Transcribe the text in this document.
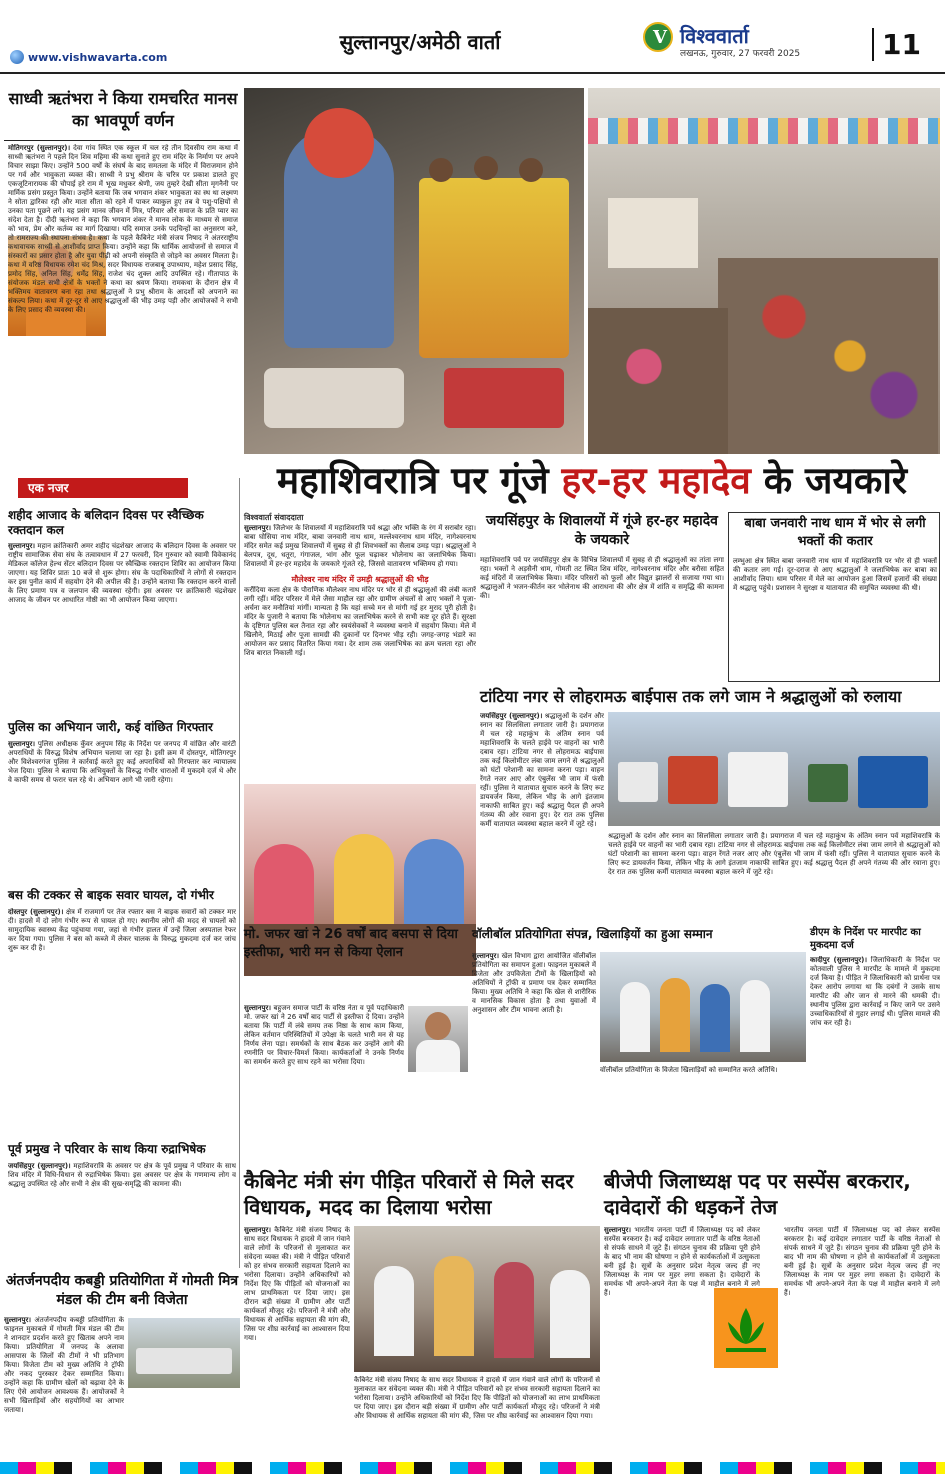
www.vishwavarta.com
सुल्तानपुर/अमेठी वार्ता	V विश्ववार्ता
लखनऊ, गुरुवार, 27 फरवरी 2025	11
साध्वी ऋतंभरा ने किया रामचरित मानस का भावपूर्ण वर्णन
मोतिगरपुर (सुल्तानपुर)। देवा गांव स्थित एक स्कूल में चल रहे तीन दिवसीय राम कथा में साध्वी ऋतंभरा ने पहले दिन शिव महिमा की कथा सुनाते हुए राम मंदिर के निर्माण पर अपने विचार साझा किए। उन्होंने 500 वर्षों के संघर्ष के बाद समतला के मंदिर में विराजमान होने पर गर्व और भावुकता व्यक्त की। साध्वी ने प्रभु श्रीराम के चरित्र पर प्रकाश डालते हुए एकजूटिनारायक की चौपाई हरे राम में भूख मधुकर श्रेणी, जय तुम्हरे देखी सीता मृगनैनी पर मार्मिक प्रसंग प्रस्तुत किया। उन्होंने बताया कि जब भगवान शंकर भावुकता का स्थ था लक्ष्मण ने सोता द्वारिका रही और माता सीता को रहने में पाकर व्याकुल हुए तब वे पशु-पक्षियों से उनका पता पूछने लगे। यह प्रसंग मानव जीवन में मित्र, परिवार और समाज के प्रति प्यार का संदेश देता है। दीदी ऋतंभरा ने कहा कि भगवान शंकर ने मानव लोक के माध्यम से समाज को भाव, प्रेम और कर्तव्य का मार्ग दिखाया। यदि समाज उनके पदचिन्हों का अनुसरण करे, तो रामराज्य की स्थापना संभव है। कथा के पहले कैबिनेट मंत्री संजय निषाद ने अंतरराष्ट्रीय कथावाचक साध्वी से आशीर्वाद प्राप्त किया। उन्होंने कहा कि धार्मिक आयोजनों से समाज में संस्कारों का प्रसार होता है और युवा पीढ़ी को अपनी संस्कृति से जोड़ने का अवसर मिलता है। कथा में वरिष्ठ विधायक रमेश चंद मिश्र, सदर विधायक राजबाबू उपाध्याय, महेश प्रसाद सिंह, प्रमोद सिंह, अनिल सिंह, धर्मेंद्र सिंह, राजेश चंद शुक्ल आदि उपस्थित रहे। गीतापाठ के संयोजक मंडल सभी क्षेत्रों के भक्तों ने कथा का श्रवण किया। रामकथा के दौरान क्षेत्र में भक्तिमय वातावरण बना रहा तथा श्रद्धालुओं ने प्रभु श्रीराम के आदर्शों को अपनाने का संकल्प लिया। कथा में दूर-दूर से आए श्रद्धालुओं की भीड़ उमड़ पड़ी और आयोजकों ने सभी के लिए प्रसाद की व्यवस्था की।
महाशिवरात्रि पर गूंजे हर-हर महादेव के जयकारे
एक नजर
शहीद आजाद के बलिदान दिवस पर स्वैच्छिक रक्तदान कल
सुल्तानपुर। महान क्रांतिकारी अमर शहीद चंद्रशेखर आजाद के बलिदान दिवस के अवसर पर राष्ट्रीय सामाजिक सेवा संघ के तत्वावधान में 27 फरवरी, दिन गुरुवार को स्वामी विवेकानंद मेडिकल कॉलेज हेल्थ सेंटर बलिदान दिवस पर स्वैच्छिक रक्तदान शिविर का आयोजन किया जाएगा। यह शिविर प्रातः 10 बजे से शुरू होगा। संघ के पदाधिकारियों ने लोगों से रक्तदान कर इस पुनीत कार्य में सहयोग देने की अपील की है। उन्होंने बताया कि रक्तदान करने वालों के लिए प्रमाण पत्र व जलपान की व्यवस्था रहेगी। इस अवसर पर क्रांतिकारी चंद्रशेखर आजाद के जीवन पर आधारित गोष्ठी का भी आयोजन किया जाएगा।
पुलिस का अभियान जारी, कई वांछित गिरफ्तार
सुल्तानपुर। पुलिस अधीक्षक कुँवर अनुपम सिंह के निर्देश पर जनपद में वांछित और वारंटी अपराधियों के विरुद्ध विशेष अभियान चलाया जा रहा है। इसी क्रम में दोस्तपुर, मोतिगरपुर और विशेश्वरगंज पुलिस ने कार्रवाई करते हुए कई अपराधियों को गिरफ्तार कर न्यायालय भेज दिया। पुलिस ने बताया कि अभियुक्तों के विरुद्ध गंभीर धाराओं में मुकदमे दर्ज थे और वे काफी समय से फरार चल रहे थे। अभियान आगे भी जारी रहेगा।
बस की टक्कर से बाइक सवार घायल, दो गंभीर
दोस्तपुर (सुल्तानपुर)। क्षेत्र में राजमार्ग पर तेज रफ्तार बस ने बाइक सवारों को टक्कर मार दी। हादसे में दो लोग गंभीर रूप से घायल हो गए। स्थानीय लोगों की मदद से घायलों को सामुदायिक स्वास्थ्य केंद्र पहुंचाया गया, जहां से गंभीर हालत में उन्हें जिला अस्पताल रेफर कर दिया गया। पुलिस ने बस को कब्जे में लेकर चालक के विरुद्ध मुकदमा दर्ज कर जांच शुरू कर दी है।
पूर्व प्रमुख ने परिवार के साथ किया रुद्राभिषेक
जयसिंहपुर (सुल्तानपुर)। महाशिवरात्रि के अवसर पर क्षेत्र के पूर्व प्रमुख ने परिवार के साथ शिव मंदिर में विधि-विधान से रुद्राभिषेक किया। इस अवसर पर क्षेत्र के गणमान्य लोग व श्रद्धालु उपस्थित रहे और सभी ने क्षेत्र की सुख-समृद्धि की कामना की।
विश्ववार्ता संवाददाता
सुल्तानपुर। जिलेभर के शिवालयों में महाशिवरात्रि पर्व श्रद्धा और भक्ति के रंग में सराबोर रहा। बाबा घोसिया नाथ मंदिर, बाबा जनवारी नाथ धाम, मल्लेश्वरनाथ धाम मंदिर, नागेश्वरनाथ मंदिर समेत कई प्रमुख शिवालयों में सुबह से ही शिवभक्तों का सैलाब उमड़ पड़ा। श्रद्धालुओं ने बेलपत्र, दूध, धतूरा, गंगाजल, भांग और फूल चढ़ाकर भोलेनाथ का जलाभिषेक किया। शिवालयों में हर-हर महादेव के जयकारे गूंजते रहे, जिससे वातावरण भक्तिमय हो गया।
मौलेश्वर नाथ मंदिर में उमड़ी श्रद्धालुओं की भीड़
करौंदिया कला क्षेत्र के पौराणिक मौलेश्वर नाथ मंदिर पर भोर से ही श्रद्धालुओं की लंबी कतारें लगी रहीं। मंदिर परिसर में मेले जैसा माहौल रहा और ग्रामीण अंचलों से आए भक्तों ने पूजा-अर्चना कर मनौतियां मांगीं। मान्यता है कि यहां सच्चे मन से मांगी गई हर मुराद पूरी होती है। मंदिर के पुजारी ने बताया कि भोलेनाथ का जलाभिषेक करने से सभी कष्ट दूर होते हैं। सुरक्षा के दृष्टिगत पुलिस बल तैनात रहा और स्वयंसेवकों ने व्यवस्था बनाने में सहयोग किया। मेले में खिलौने, मिठाई और पूजा सामग्री की दुकानों पर दिनभर भीड़ रही। जगह-जगह भंडारे का आयोजन कर प्रसाद वितरित किया गया। देर शाम तक जलाभिषेक का क्रम चलता रहा और शिव बारात निकाली गई।
जयसिंहपुर के शिवालयों में गूंजे हर-हर महादेव के जयकारे
महाशिवरात्रि पर्व पर जयसिंहपुर क्षेत्र के विभिन्न शिवालयों में सुबह से ही श्रद्धालुओं का तांता लगा रहा। भक्तों ने अड़सैनी धाम, गोमती तट स्थित शिव मंदिर, नागेश्वरनाथ मंदिर और बरौसा सहित कई मंदिरों में जलाभिषेक किया। मंदिर परिसरों को फूलों और विद्युत झालरों से सजाया गया था। श्रद्धालुओं ने भजन-कीर्तन कर भोलेनाथ की आराधना की और क्षेत्र में शांति व समृद्धि की कामना की।
बाबा जनवारी नाथ धाम में भोर से लगी भक्तों की कतार
लम्भुआ क्षेत्र स्थित बाबा जनवारी नाथ धाम में महाशिवरात्रि पर भोर से ही भक्तों की कतार लग गई। दूर-दराज से आए श्रद्धालुओं ने जलाभिषेक कर बाबा का आशीर्वाद लिया। धाम परिसर में मेले का आयोजन हुआ जिसमें हजारों की संख्या में श्रद्धालु पहुंचे। प्रशासन ने सुरक्षा व यातायात की समुचित व्यवस्था की थी।
टांटिया नगर से लोहरामऊ बाईपास तक लगे जाम ने श्रद्धालुओं को रुलाया
जयसिंहपुर (सुल्तानपुर)। श्रद्धालुओं के दर्शन और स्नान का सिलसिला लगातार जारी है। प्रयागराज में चल रहे महाकुंभ के अंतिम स्नान पर्व महाशिवरात्रि के चलते हाईवे पर वाहनों का भारी दबाव रहा। टांटिया नगर से लोहरामऊ बाईपास तक कई किलोमीटर लंबा जाम लगने से श्रद्धालुओं को घंटों परेशानी का सामना करना पड़ा। वाहन रेंगते नजर आए और एंबुलेंस भी जाम में फंसी रहीं। पुलिस ने यातायात सुचारु करने के लिए रूट डायवर्जन किया, लेकिन भीड़ के आगे इंतजाम नाकाफी साबित हुए। कई श्रद्धालु पैदल ही अपने गंतव्य की ओर रवाना हुए। देर रात तक पुलिस कर्मी यातायात व्यवस्था बहाल करने में जुटे रहे।
श्रद्धालुओं के दर्शन और स्नान का सिलसिला लगातार जारी है। प्रयागराज में चल रहे महाकुंभ के अंतिम स्नान पर्व महाशिवरात्रि के चलते हाईवे पर वाहनों का भारी दबाव रहा। टांटिया नगर से लोहरामऊ बाईपास तक कई किलोमीटर लंबा जाम लगने से श्रद्धालुओं को घंटों परेशानी का सामना करना पड़ा। वाहन रेंगते नजर आए और एंबुलेंस भी जाम में फंसी रहीं। पुलिस ने यातायात सुचारु करने के लिए रूट डायवर्जन किया, लेकिन भीड़ के आगे इंतजाम नाकाफी साबित हुए। कई श्रद्धालु पैदल ही अपने गंतव्य की ओर रवाना हुए। देर रात तक पुलिस कर्मी यातायात व्यवस्था बहाल करने में जुटे रहे।
मो. जफर खां ने 26 वर्षों बाद बसपा से दिया इस्तीफा, भारी मन से किया ऐलान
सुल्तानपुर। बहुजन समाज पार्टी के वरिष्ठ नेता व पूर्व पदाधिकारी मो. जफर खां ने 26 वर्षों बाद पार्टी से इस्तीफा दे दिया। उन्होंने बताया कि पार्टी में लंबे समय तक निष्ठा के साथ काम किया, लेकिन वर्तमान परिस्थितियों में उपेक्षा के चलते भारी मन से यह निर्णय लेना पड़ा। समर्थकों के साथ बैठक कर उन्होंने आगे की रणनीति पर विचार-विमर्श किया। कार्यकर्ताओं ने उनके निर्णय का समर्थन करते हुए साथ रहने का भरोसा दिया।
वॉलीबॉल प्रतियोगिता संपन्न, खिलाड़ियों का हुआ सम्मान
सुल्तानपुर। खेल विभाग द्वारा आयोजित वॉलीबॉल प्रतियोगिता का समापन हुआ। फाइनल मुकाबले में विजेता और उपविजेता टीमों के खिलाड़ियों को अतिथियों ने ट्रॉफी व प्रमाण पत्र देकर सम्मानित किया। मुख्य अतिथि ने कहा कि खेल से शारीरिक व मानसिक विकास होता है तथा युवाओं में अनुशासन और टीम भावना आती है।
वॉलीबॉल प्रतियोगिता के विजेता खिलाड़ियों को सम्मानित करते अतिथि।
डीएम के निर्देश पर मारपीट का मुकदमा दर्ज
कादीपुर (सुल्तानपुर)। जिलाधिकारी के निर्देश पर कोतवाली पुलिस ने मारपीट के मामले में मुकदमा दर्ज किया है। पीड़ित ने जिलाधिकारी को प्रार्थना पत्र देकर आरोप लगाया था कि दबंगों ने उसके साथ मारपीट की और जान से मारने की धमकी दी। स्थानीय पुलिस द्वारा कार्रवाई न किए जाने पर उसने उच्चाधिकारियों से गुहार लगाई थी। पुलिस मामले की जांच कर रही है।
अंतर्जनपदीय कबड्डी प्रतियोगिता में गोमती मित्र मंडल की टीम बनी विजेता
सुल्तानपुर। अंतर्जनपदीय कबड्डी प्रतियोगिता के फाइनल मुकाबले में गोमती मित्र मंडल की टीम ने शानदार प्रदर्शन करते हुए खिताब अपने नाम किया। प्रतियोगिता में जनपद के अलावा आसपास के जिलों की टीमों ने भी प्रतिभाग किया। विजेता टीम को मुख्य अतिथि ने ट्रॉफी और नकद पुरस्कार देकर सम्मानित किया। उन्होंने कहा कि ग्रामीण खेलों को बढ़ावा देने के लिए ऐसे आयोजन आवश्यक हैं। आयोजकों ने सभी खिलाड़ियों और सहयोगियों का आभार जताया।
कैबिनेट मंत्री संग पीड़ित परिवारों से मिले सदर विधायक, मदद का दिलाया भरोसा
सुल्तानपुर। कैबिनेट मंत्री संजय निषाद के साथ सदर विधायक ने हादसे में जान गंवाने वाले लोगों के परिजनों से मुलाकात कर संवेदना व्यक्त की। मंत्री ने पीड़ित परिवारों को हर संभव सरकारी सहायता दिलाने का भरोसा दिलाया। उन्होंने अधिकारियों को निर्देश दिए कि पीड़ितों को योजनाओं का लाभ प्राथमिकता पर दिया जाए। इस दौरान बड़ी संख्या में ग्रामीण और पार्टी कार्यकर्ता मौजूद रहे। परिजनों ने मंत्री और विधायक से आर्थिक सहायता की मांग की, जिस पर शीघ्र कार्रवाई का आश्वासन दिया गया।
कैबिनेट मंत्री संजय निषाद के साथ सदर विधायक ने हादसे में जान गंवाने वाले लोगों के परिजनों से मुलाकात कर संवेदना व्यक्त की। मंत्री ने पीड़ित परिवारों को हर संभव सरकारी सहायता दिलाने का भरोसा दिलाया। उन्होंने अधिकारियों को निर्देश दिए कि पीड़ितों को योजनाओं का लाभ प्राथमिकता पर दिया जाए। इस दौरान बड़ी संख्या में ग्रामीण और पार्टी कार्यकर्ता मौजूद रहे। परिजनों ने मंत्री और विधायक से आर्थिक सहायता की मांग की, जिस पर शीघ्र कार्रवाई का आश्वासन दिया गया।
बीजेपी जिलाध्यक्ष पद पर सस्पेंस बरकरार, दावेदारों की धड़कनें तेज
सुल्तानपुर। भारतीय जनता पार्टी में जिलाध्यक्ष पद को लेकर सस्पेंस बरकरार है। कई दावेदार लगातार पार्टी के वरिष्ठ नेताओं से संपर्क साधने में जुटे हैं। संगठन चुनाव की प्रक्रिया पूरी होने के बाद भी नाम की घोषणा न होने से कार्यकर्ताओं में उत्सुकता बनी हुई है। सूत्रों के अनुसार प्रदेश नेतृत्व जल्द ही नए जिलाध्यक्ष के नाम पर मुहर लगा सकता है। दावेदारों के समर्थक भी अपने-अपने नेता के पक्ष में माहौल बनाने में लगे हैं।
भारतीय जनता पार्टी में जिलाध्यक्ष पद को लेकर सस्पेंस बरकरार है। कई दावेदार लगातार पार्टी के वरिष्ठ नेताओं से संपर्क साधने में जुटे हैं। संगठन चुनाव की प्रक्रिया पूरी होने के बाद भी नाम की घोषणा न होने से कार्यकर्ताओं में उत्सुकता बनी हुई है। सूत्रों के अनुसार प्रदेश नेतृत्व जल्द ही नए जिलाध्यक्ष के नाम पर मुहर लगा सकता है। दावेदारों के समर्थक भी अपने-अपने नेता के पक्ष में माहौल बनाने में लगे हैं।
